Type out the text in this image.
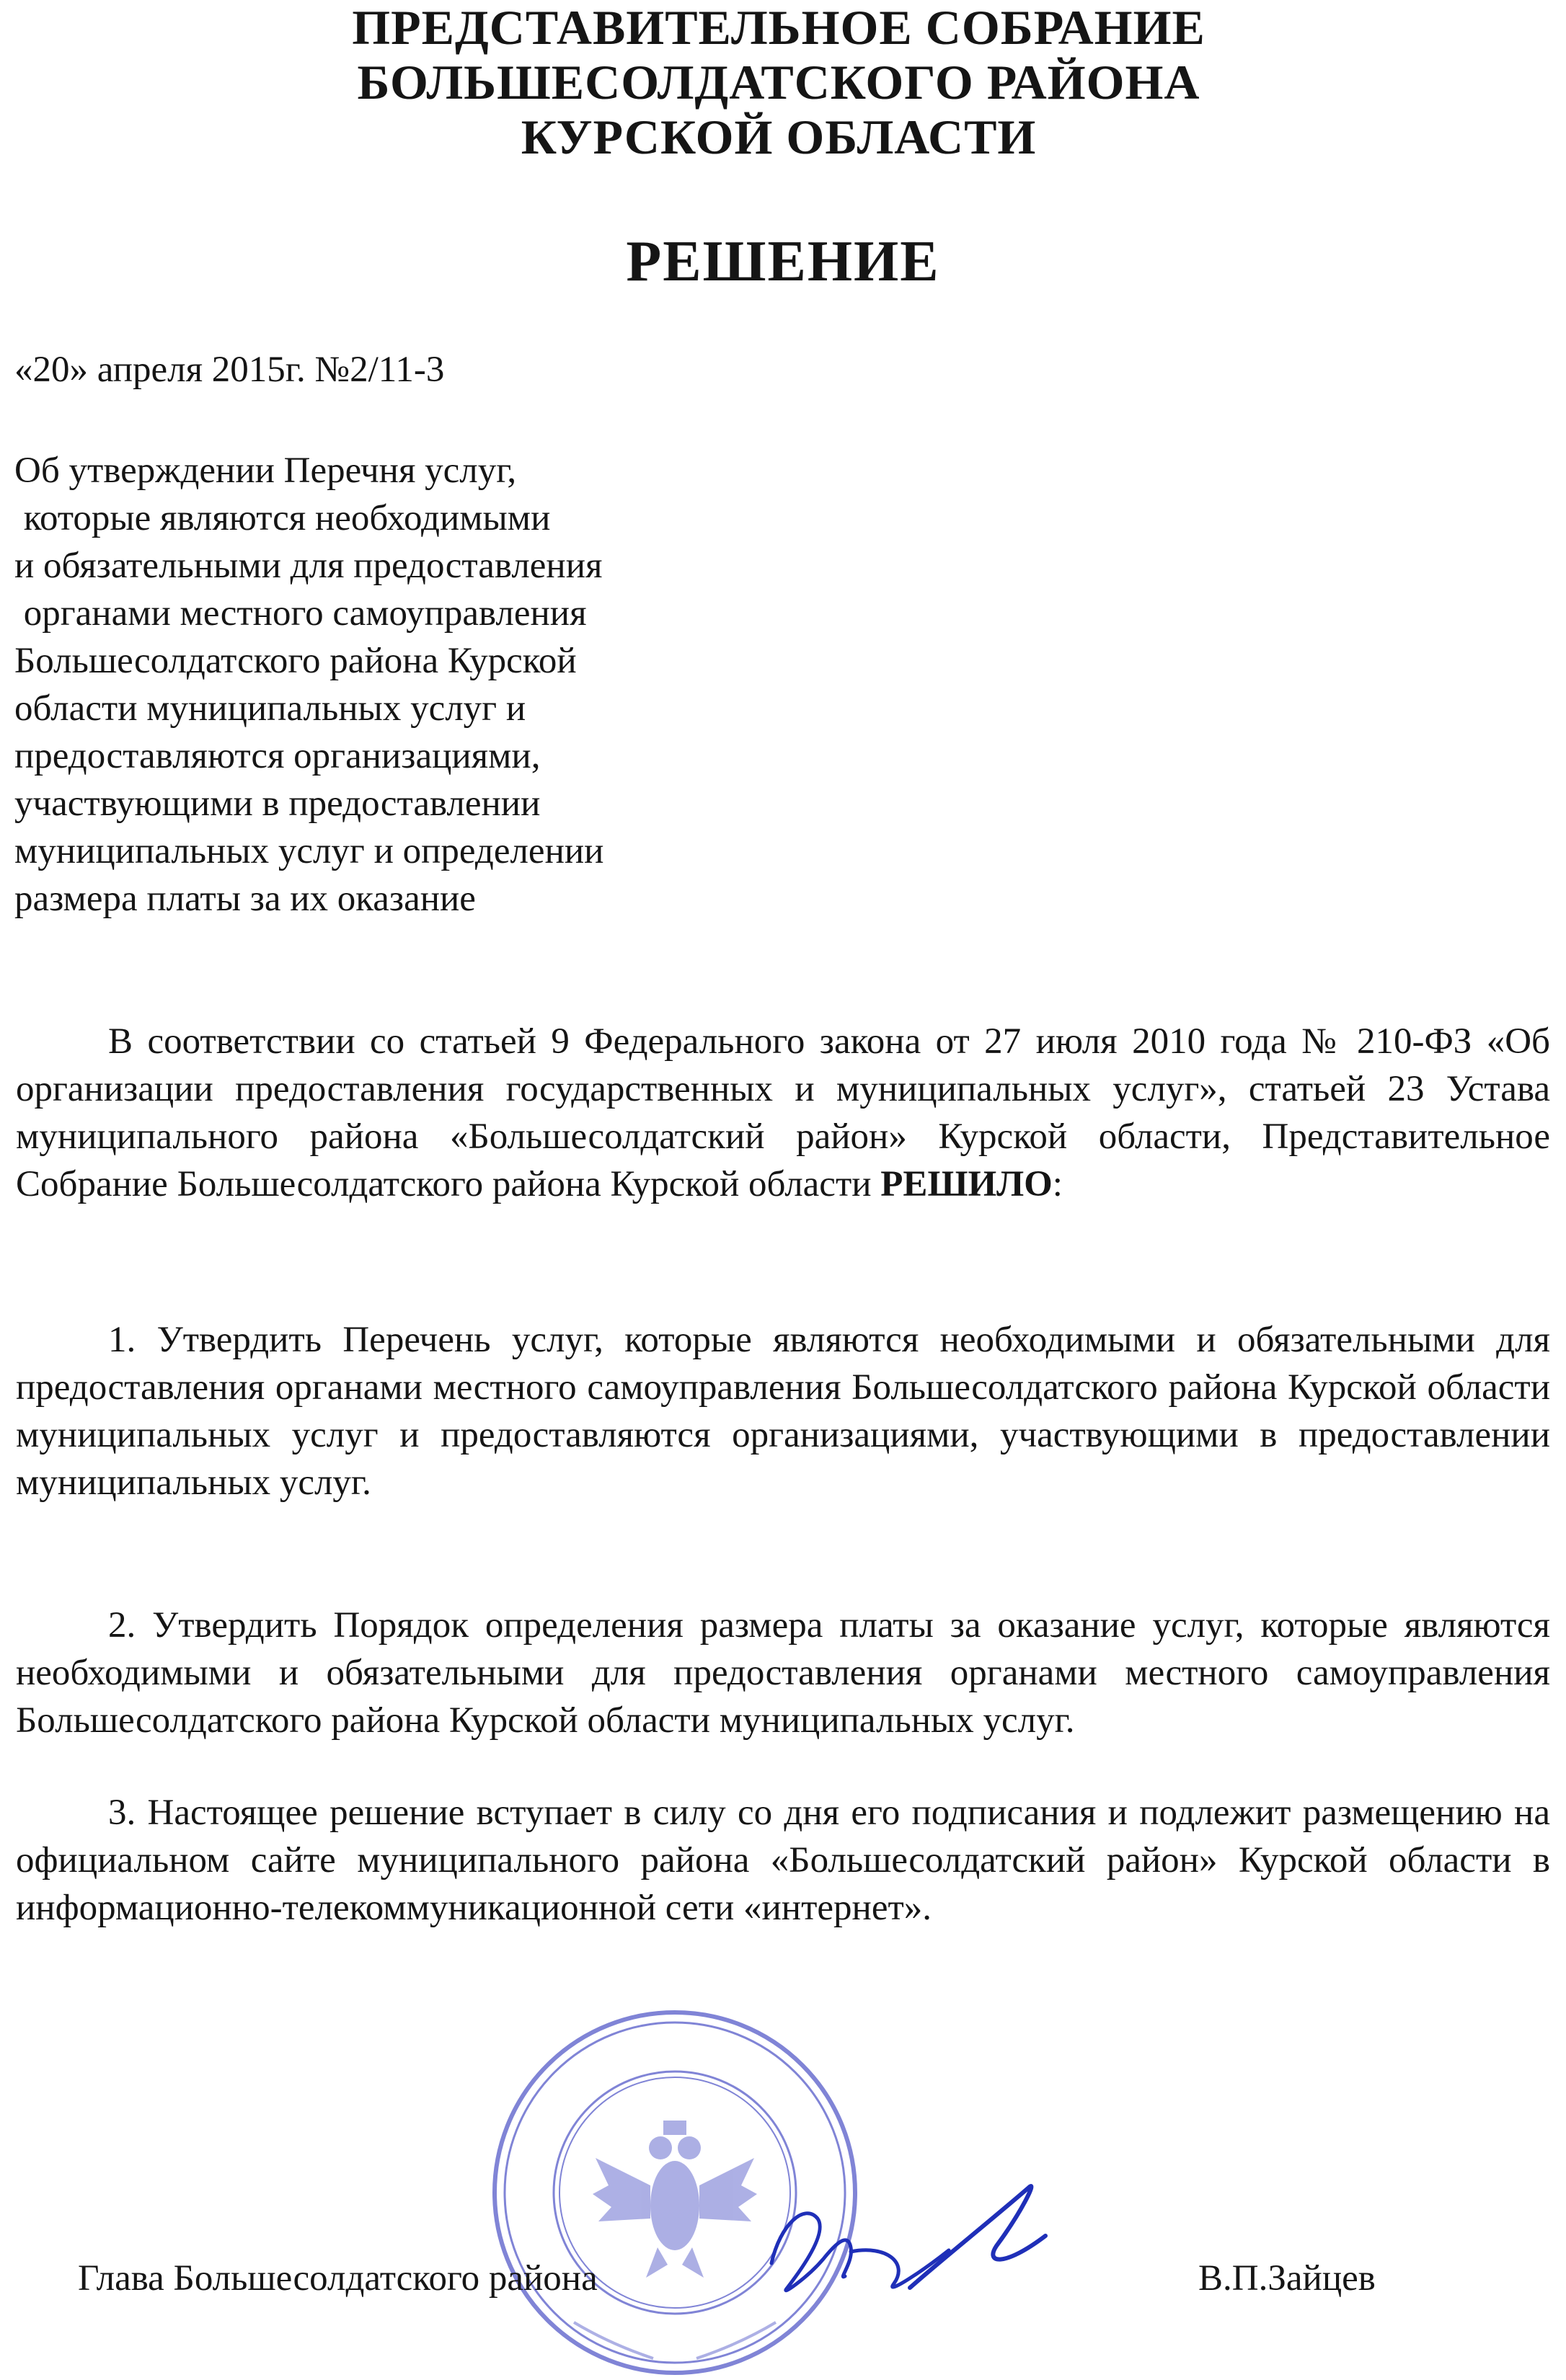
ПРЕДСТАВИТЕЛЬНОЕ СОБРАНИЕ
БОЛЬШЕСОЛДАТСКОГО РАЙОНА
КУРСКОЙ ОБЛАСТИ
РЕШЕНИЕ
«20» апреля 2015г. №2/11-3
Об утверждении Перечня услуг,
которые являются необходимыми
и обязательными для предоставления
органами местного самоуправления
Большесолдатского района Курской
области муниципальных услуг и
предоставляются организациями,
участвующими в предоставлении
муниципальных услуг и определении
размера платы за их оказание
В соответствии со статьей 9 Федерального закона от 27 июля 2010 года № 210-ФЗ «Об организации предоставления государственных и муниципальных услуг», статьей 23 Устава муниципального района «Большесолдатский район» Курской области, Представительное Собрание Большесолдатского района Курской области РЕШИЛО:
1. Утвердить Перечень услуг, которые являются необходимыми и обязательными для предоставления органами местного самоуправления Большесолдатского района Курской области муниципальных услуг и предоставляются организациями, участвующими в предоставлении муниципальных услуг.
2. Утвердить Порядок определения размера платы за оказание услуг, которые являются необходимыми и обязательными для предоставления органами местного самоуправления Большесолдатского района Курской области муниципальных услуг.
3. Настоящее решение вступает в силу со дня его подписания и подлежит размещению на официальном сайте муниципального района «Большесолдатский район» Курской области в информационно-телекоммуникационной сети «интернет».
Глава Большесолдатского района	В.П.Зайцев
